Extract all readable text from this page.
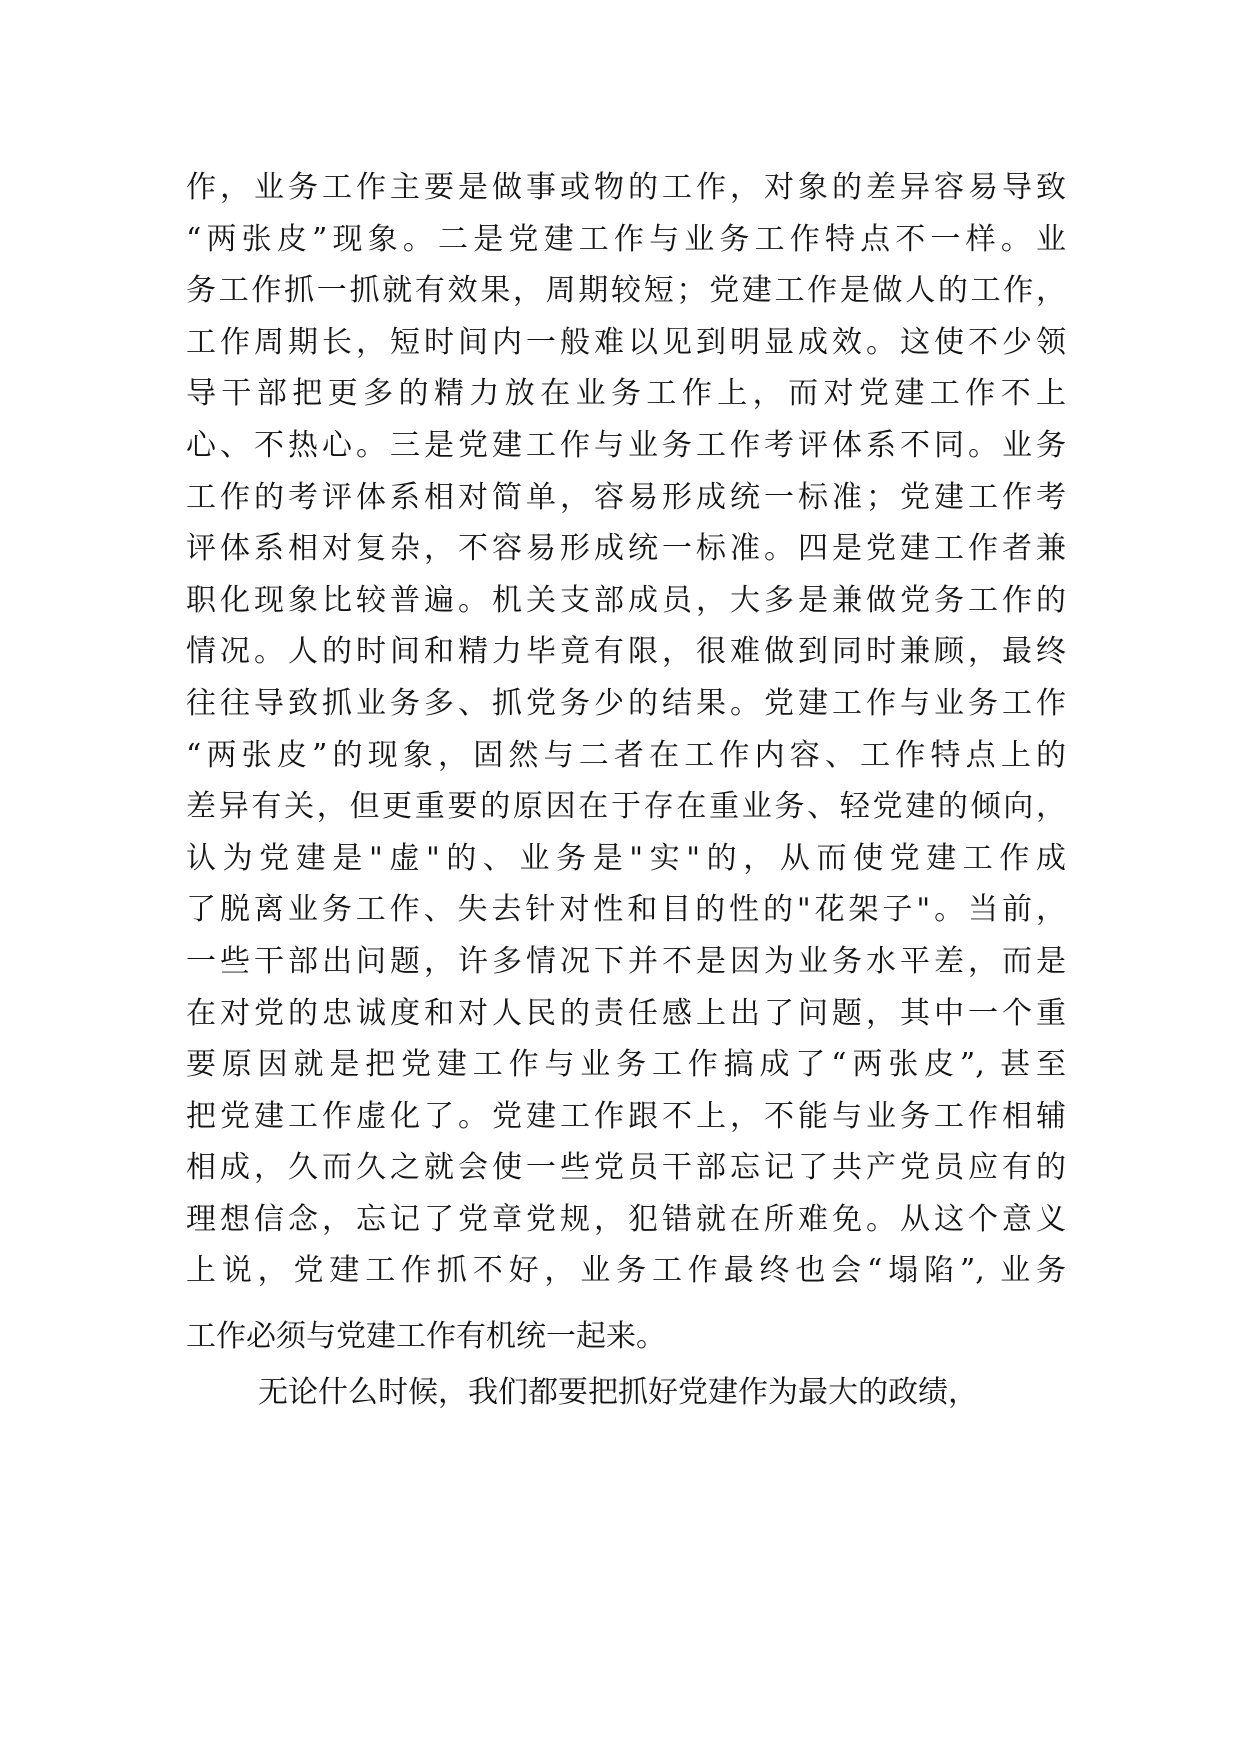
作，业务工作主要是做事或物的工作，对象的差异容易导致
“两张皮”现象。二是党建工作与业务工作特点不一样。业
务工作抓一抓就有效果，周期较短；党建工作是做人的工作，
工作周期长，短时间内一般难以见到明显成效。这使不少领
导干部把更多的精力放在业务工作上，而对党建工作不上
心、不热心。三是党建工作与业务工作考评体系不同。业务
工作的考评体系相对简单，容易形成统一标准；党建工作考
评体系相对复杂，不容易形成统一标准。四是党建工作者兼
职化现象比较普遍。机关支部成员，大多是兼做党务工作的
情况。人的时间和精力毕竟有限，很难做到同时兼顾，最终
往往导致抓业务多、抓党务少的结果。党建工作与业务工作
“两张皮”的现象，固然与二者在工作内容、工作特点上的
差异有关，但更重要的原因在于存在重业务、轻党建的倾向，
认为党建是"虚"的、业务是"实"的，从而使党建工作成
了脱离业务工作、失去针对性和目的性的"花架子"。当前，
一些干部出问题，许多情况下并不是因为业务水平差，而是
在对党的忠诚度和对人民的责任感上出了问题，其中一个重
要原因就是把党建工作与业务工作搞成了“两张皮”, 甚至
把党建工作虚化了。党建工作跟不上，不能与业务工作相辅
相成，久而久之就会使一些党员干部忘记了共产党员应有的
理想信念，忘记了党章党规，犯错就在所难免。从这个意义
上说，党建工作抓不好，业务工作最终也会“塌陷”, 业务
工作必须与党建工作有机统一起来。
无论什么时候，我们都要把抓好党建作为最大的政绩，
